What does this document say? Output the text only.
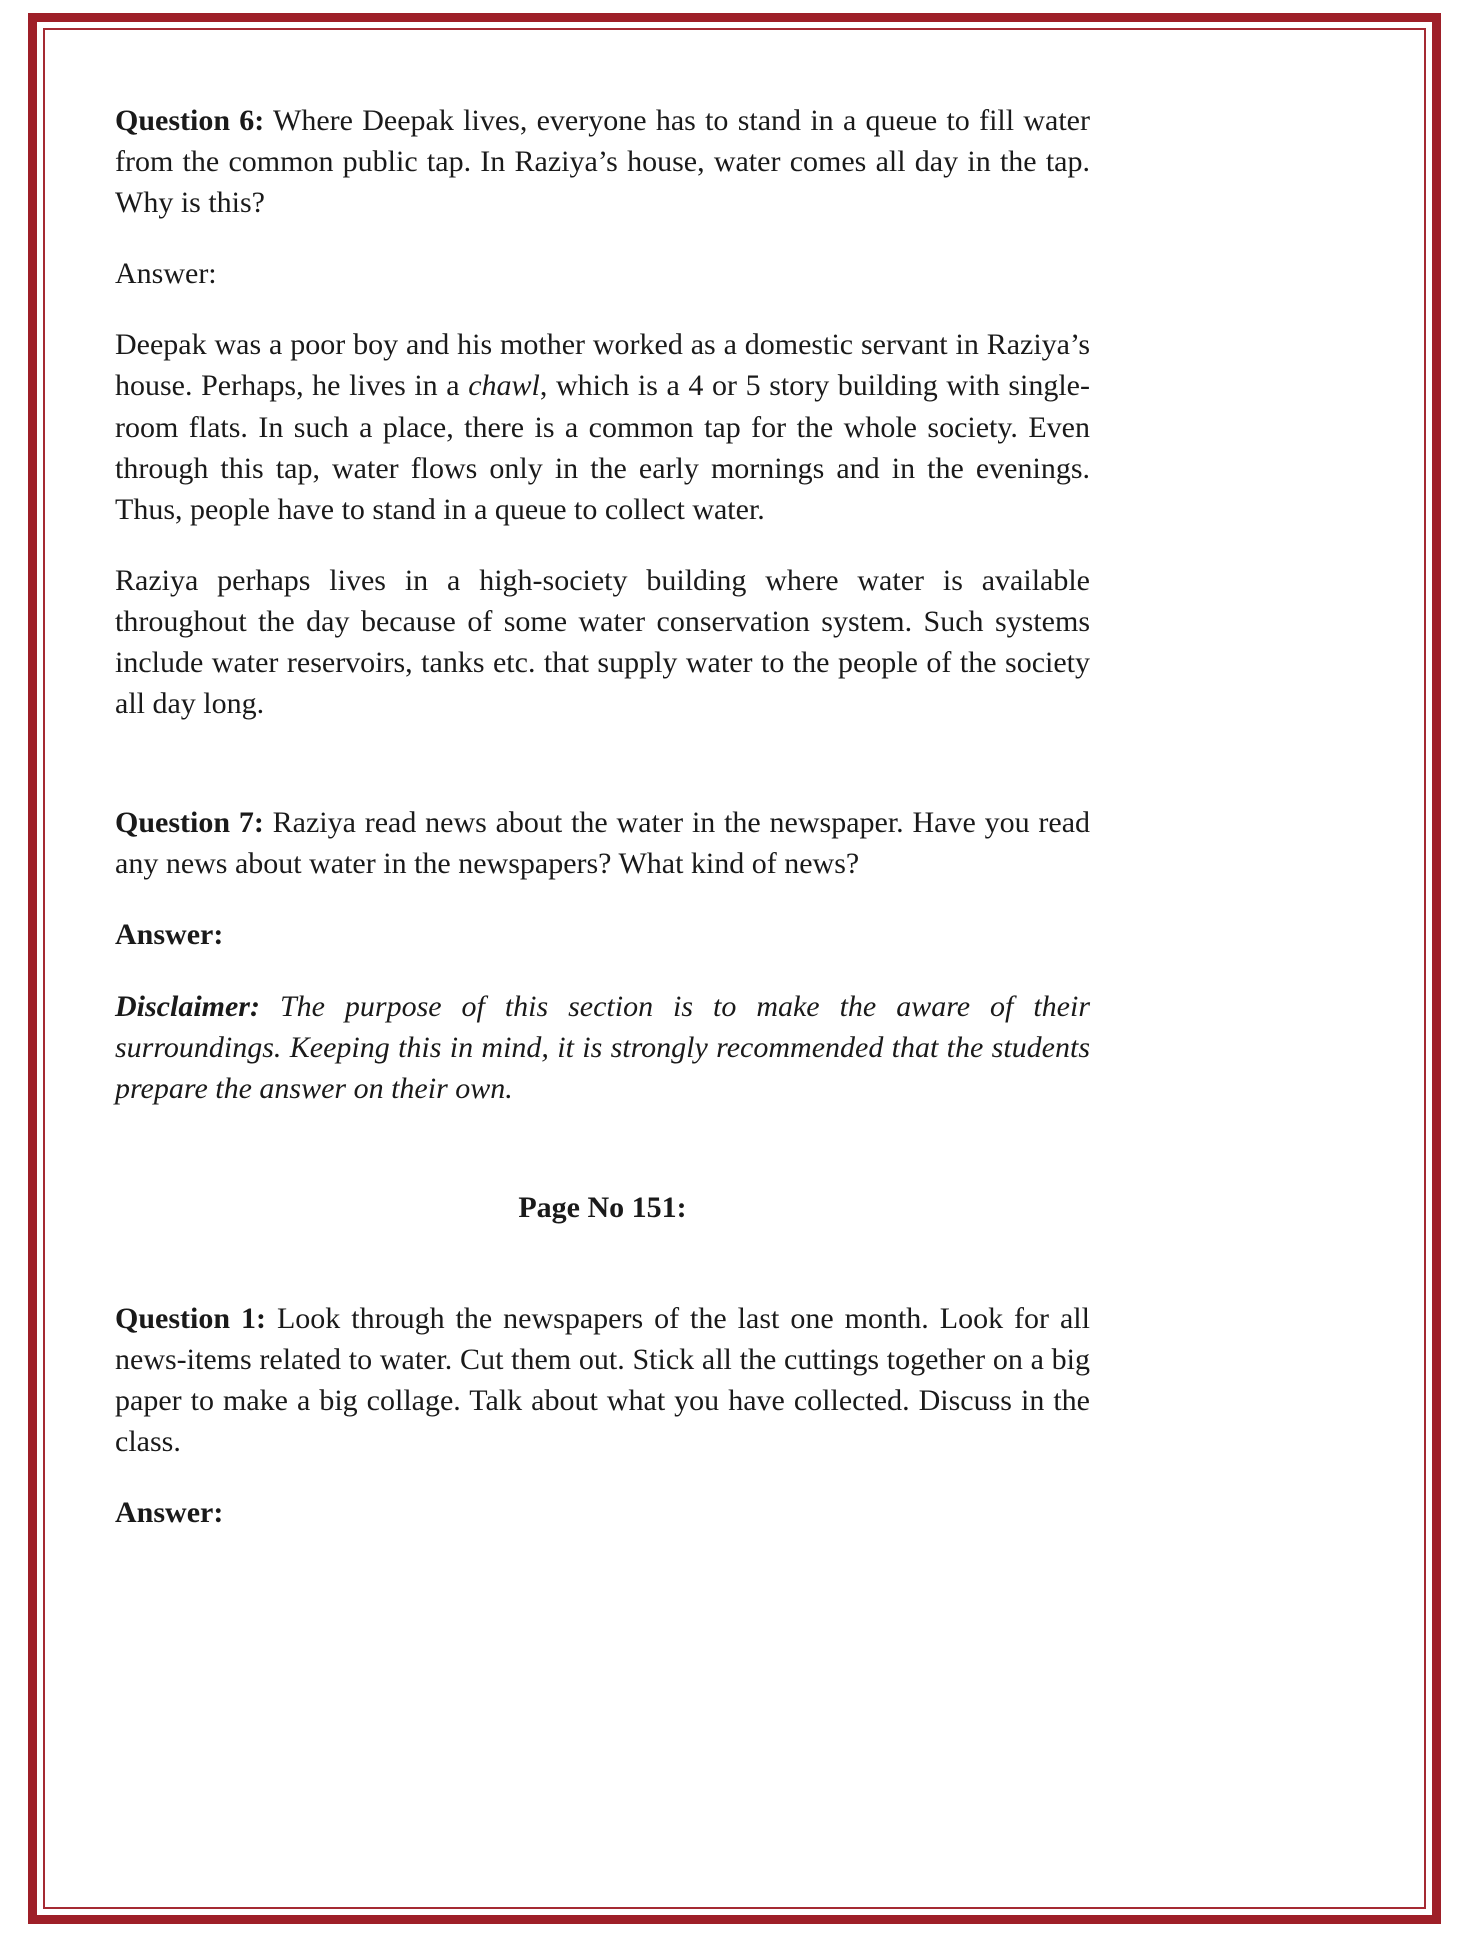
Question 6: Where Deepak lives, everyone has to stand in a queue to fill water from the common public tap. In Raziya’s house, water comes all day in the tap. Why is this?

Answer:

Deepak was a poor boy and his mother worked as a domestic servant in Raziya’s house. Perhaps, he lives in a chawl, which is a 4 or 5 story building with single-room flats. In such a place, there is a common tap for the whole society. Even through this tap, water flows only in the early mornings and in the evenings. Thus, people have to stand in a queue to collect water.

Raziya perhaps lives in a high-society building where water is available throughout the day because of some water conservation system. Such systems include water reservoirs, tanks etc. that supply water to the people of the society all day long.

Question 7: Raziya read news about the water in the newspaper. Have you read any news about water in the newspapers? What kind of news?

Answer:

Disclaimer: The purpose of this section is to make the aware of their surroundings. Keeping this in mind, it is strongly recommended that the students prepare the answer on their own.

Page No 151:

Question 1: Look through the newspapers of the last one month. Look for all news-items related to water. Cut them out. Stick all the cuttings together on a big paper to make a big collage. Talk about what you have collected. Discuss in the class.

Answer:
